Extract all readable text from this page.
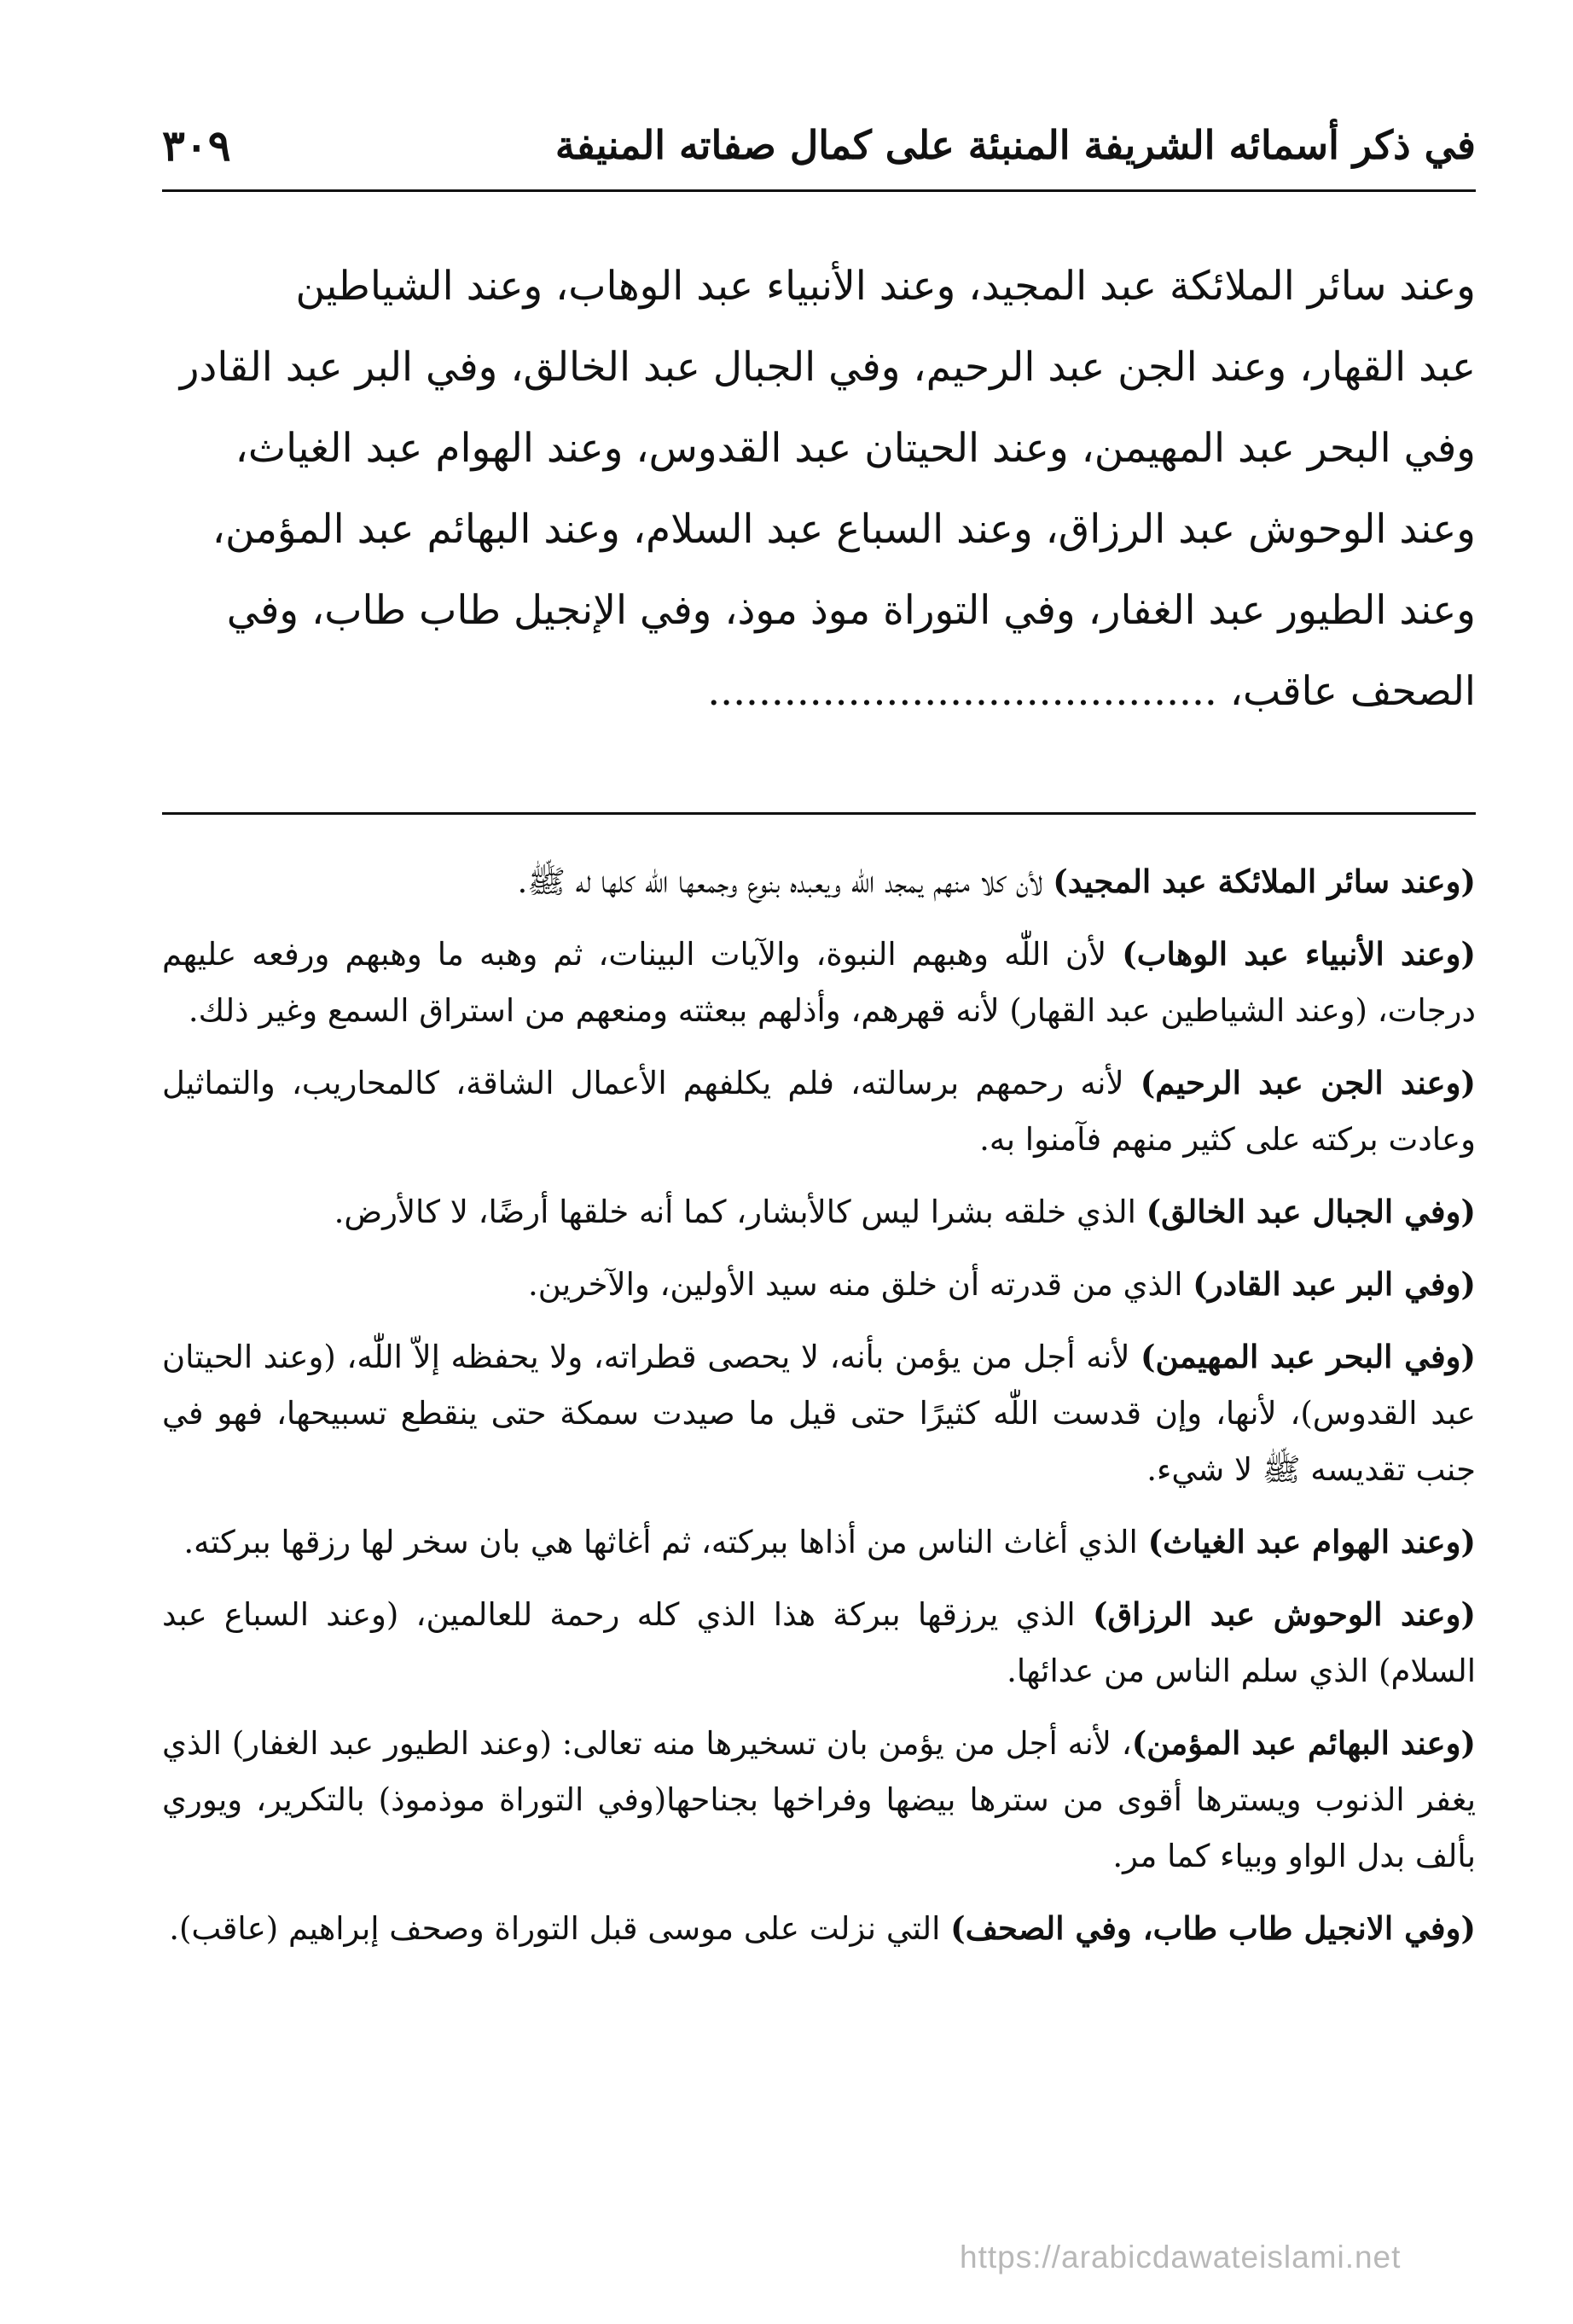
في ذكر أسمائه الشريفة المنبئة على كمال صفاته المنيفة
٣٠٩

وعند سائر الملائكة عبد المجيد، وعند الأنبياء عبد الوهاب، وعند الشياطين

عبد القهار، وعند الجن عبد الرحيم، وفي الجبال عبد الخالق، وفي البر عبد القادر

وفي البحر عبد المهيمن، وعند الحيتان عبد القدوس، وعند الهوام عبد الغياث،

وعند الوحوش عبد الرزاق، وعند السباع عبد السلام، وعند البهائم عبد المؤمن،

وعند الطيور عبد الغفار، وفي التوراة موذ موذ، وفي الإنجيل طاب طاب، وفي

الصحف عاقب، ........................................

(وعند سائر الملائكة عبد المجيد) لأن كلا منهم يمجد اللّٰه ويعبده بنوع وجمعها اللّٰه كلها له ﷺ.

(وعند الأنبياء عبد الوهاب) لأن اللّٰه وهبهم النبوة، والآيات البينات، ثم وهبه ما وهبهم ورفعه عليهم درجات، (وعند الشياطين عبد القهار) لأنه قهرهم، وأذلهم ببعثته ومنعهم من استراق السمع وغير ذلك.

(وعند الجن عبد الرحيم) لأنه رحمهم برسالته، فلم يكلفهم الأعمال الشاقة، كالمحاريب، والتماثيل وعادت بركته على كثير منهم فآمنوا به.

(وفي الجبال عبد الخالق) الذي خلقه بشرا ليس كالأبشار، كما أنه خلقها أرضًا، لا كالأرض.

(وفي البر عبد القادر) الذي من قدرته أن خلق منه سيد الأولين، والآخرين.

(وفي البحر عبد المهيمن) لأنه أجل من يؤمن بأنه، لا يحصى قطراته، ولا يحفظه إلاّ اللّٰه، (وعند الحيتان عبد القدوس)، لأنها، وإن قدست اللّٰه كثيرًا حتى قيل ما صيدت سمكة حتى ينقطع تسبيحها، فهو في جنب تقديسه ﷺ لا شيء.

(وعند الهوام عبد الغياث) الذي أغاث الناس من أذاها ببركته، ثم أغاثها هي بان سخر لها رزقها ببركته.

(وعند الوحوش عبد الرزاق) الذي يرزقها ببركة هذا الذي كله رحمة للعالمين، (وعند السباع عبد السلام) الذي سلم الناس من عدائها.

(وعند البهائم عبد المؤمن)، لأنه أجل من يؤمن بان تسخيرها منه تعالى: (وعند الطيور عبد الغفار) الذي يغفر الذنوب ويسترها أقوى من سترها بيضها وفراخها بجناحها(وفي التوراة موذموذ) بالتكرير، ويوري بألف بدل الواو وبياء كما مر.

(وفي الانجيل طاب طاب، وفي الصحف) التي نزلت على موسى قبل التوراة وصحف إبراهيم (عاقب).

https://arabicdawateislami.net
